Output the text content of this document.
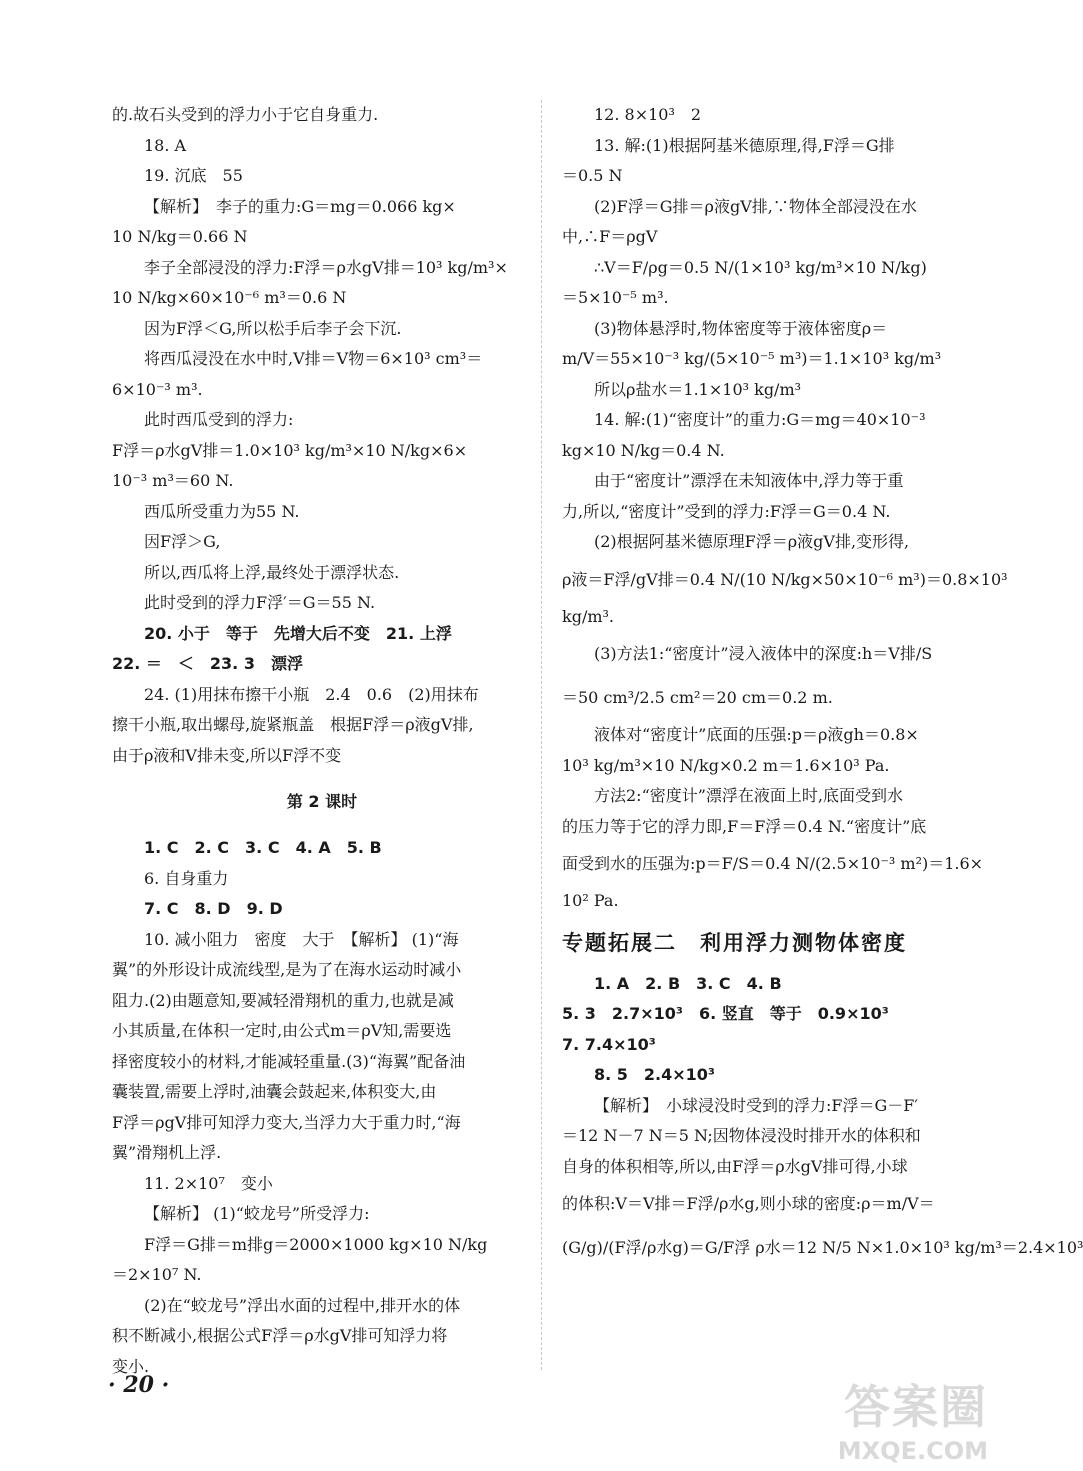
的.故石头受到的浮力小于它自身重力.
18. A
19. 沉底　55
【解析】　李子的重力:G＝mg＝0.066 kg×
10 N/kg＝0.66 N
李子全部浸没的浮力:F浮＝ρ水gV排＝10³ kg/m³×
10 N/kg×60×10⁻⁶ m³＝0.6 N
因为F浮＜G,所以松手后李子会下沉.
将西瓜浸没在水中时,V排＝V物＝6×10³ cm³＝
6×10⁻³ m³.
此时西瓜受到的浮力:
F浮＝ρ水gV排＝1.0×10³ kg/m³×10 N/kg×6×
10⁻³ m³＝60 N.
西瓜所受重力为55 N.
因F浮＞G,
所以,西瓜将上浮,最终处于漂浮状态.
此时受到的浮力F浮′＝G＝55 N.
20. 小于　等于　先增大后不变　21. 上浮
22. ＝　＜　23. 3　漂浮
24. (1)用抹布擦干小瓶　2.4　0.6　(2)用抹布
擦干小瓶,取出螺母,旋紧瓶盖　根据F浮＝ρ液gV排,
由于ρ液和V排未变,所以F浮不变
第 2 课时
1. C　2. C　3. C　4. A　5. B
6. 自身重力
7. C　8. D　9. D
10. 减小阻力　密度　大于　【解析】 (1)“海
翼”的外形设计成流线型,是为了在海水运动时减小
阻力.(2)由题意知,要减轻滑翔机的重力,也就是减
小其质量,在体积一定时,由公式m＝ρV知,需要选
择密度较小的材料,才能减轻重量.(3)“海翼”配备油
囊装置,需要上浮时,油囊会鼓起来,体积变大,由
F浮＝ρgV排可知浮力变大,当浮力大于重力时,“海
翼”滑翔机上浮.
11. 2×10⁷　变小
【解析】 (1)“蛟龙号”所受浮力:
F浮＝G排＝m排g＝2000×1000 kg×10 N/kg
＝2×10⁷ N.
(2)在“蛟龙号”浮出水面的过程中,排开水的体
积不断减小,根据公式F浮＝ρ水gV排可知浮力将
变小.
12. 8×10³　2
13. 解:(1)根据阿基米德原理,得,F浮＝G排
＝0.5 N
(2)F浮＝G排＝ρ液gV排,∵物体全部浸没在水
中,∴F＝ρgV
∴V＝F/ρg＝0.5 N/(1×10³ kg/m³×10 N/kg)
＝5×10⁻⁵ m³.
(3)物体悬浮时,物体密度等于液体密度ρ＝
m/V＝55×10⁻³ kg/(5×10⁻⁵ m³)＝1.1×10³ kg/m³
所以ρ盐水＝1.1×10³ kg/m³
14. 解:(1)“密度计”的重力:G＝mg＝40×10⁻³
kg×10 N/kg＝0.4 N.
由于“密度计”漂浮在未知液体中,浮力等于重
力,所以,“密度计”受到的浮力:F浮＝G＝0.4 N.
(2)根据阿基米德原理F浮＝ρ液gV排,变形得,
ρ液＝F浮/gV排＝0.4 N/(10 N/kg×50×10⁻⁶ m³)＝0.8×10³
kg/m³.
(3)方法1:“密度计”浸入液体中的深度:h＝V排/S
＝50 cm³/2.5 cm²＝20 cm＝0.2 m.
液体对“密度计”底面的压强:p＝ρ液gh＝0.8×
10³ kg/m³×10 N/kg×0.2 m＝1.6×10³ Pa.
方法2:“密度计”漂浮在液面上时,底面受到水
的压力等于它的浮力即,F＝F浮＝0.4 N.“密度计”底
面受到水的压强为:p＝F/S＝0.4 N/(2.5×10⁻³ m²)＝1.6×
10² Pa.
专题拓展二　利用浮力测物体密度
1. A　2. B　3. C　4. B
5. 3　2.7×10³　6. 竖直　等于　0.9×10³
7. 7.4×10³
8. 5　2.4×10³
【解析】　小球浸没时受到的浮力:F浮＝G－F′
＝12 N－7 N＝5 N;因物体浸没时排开水的体积和
自身的体积相等,所以,由F浮＝ρ水gV排可得,小球
的体积:V＝V排＝F浮/ρ水g,则小球的密度:ρ＝m/V＝
(G/g)/(F浮/ρ水g)＝G/F浮 ρ水＝12 N/5 N×1.0×10³ kg/m³＝2.4×10³
· 20 ·	答案圈
MXQE.COM
